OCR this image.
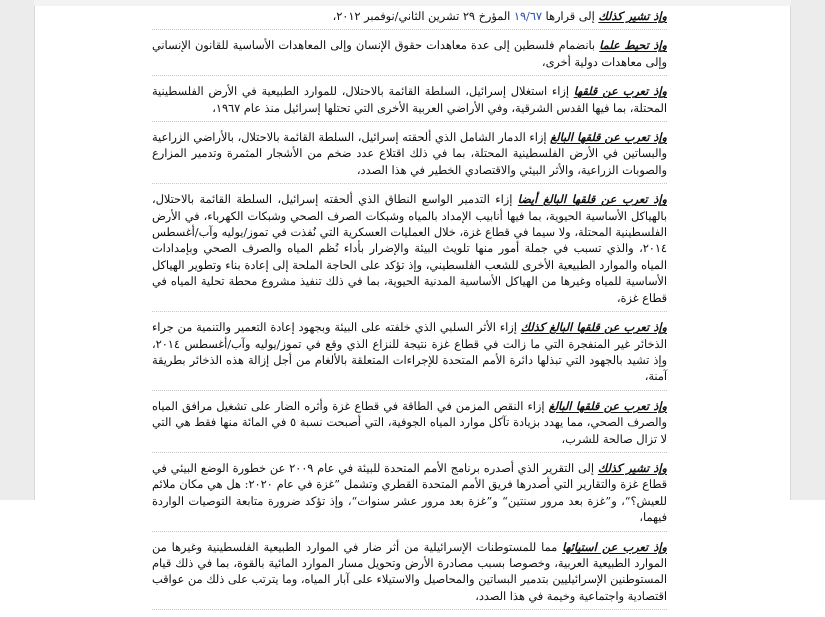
وإذ تشير كذلك إلى قرارها ١٩/٦٧ المؤرخ ٢٩ تشرين الثاني/نوفمبر ٢٠١٢،

وإذ تحيط علما بانضمام فلسطين إلى عدة معاهدات حقوق الإنسان وإلى المعاهدات الأساسية للقانون الإنساني وإلى معاهدات دولية أخرى،

وإذ تعرب عن قلقها إزاء استغلال إسرائيل، السلطة القائمة بالاحتلال، للموارد الطبيعية في الأرض الفلسطينية المحتلة، بما فيها القدس الشرقية، وفي الأراضي العربية الأخرى التي تحتلها إسرائيل منذ عام ١٩٦٧،

وإذ تعرب عن قلقها البالغ إزاء الدمار الشامل الذي ألحقته إسرائيل، السلطة القائمة بالاحتلال، بالأراضي الزراعية والبساتين في الأرض الفلسطينية المحتلة، بما في ذلك اقتلاع عدد ضخم من الأشجار المثمرة وتدمير المزارع والصوبات الزراعية، والأثر البيئي والاقتصادي الخطير في هذا الصدد،

وإذ تعرب عن قلقها البالغ أيضا إزاء التدمير الواسع النطاق الذي ألحقته إسرائيل، السلطة القائمة بالاحتلال، بالهياكل الأساسية الحيوية، بما فيها أنابيب الإمداد بالمياه وشبكات الصرف الصحي وشبكات الكهرباء، في الأرض الفلسطينية المحتلة، ولا سيما في قطاع غزة، خلال العمليات العسكرية التي نُفذت في تموز/يوليه وآب/أغسطس ٢٠١٤، والذي تسبب في جملة أمور منها تلويث البيئة والإضرار بأداء نُظم المياه والصرف الصحي وبإمدادات المياه والموارد الطبيعية الأخرى للشعب الفلسطيني، وإذ تؤكد على الحاجة الملحة إلى إعادة بناء وتطوير الهياكل الأساسية للمياه وغيرها من الهياكل الأساسية المدنية الحيوية، بما في ذلك تنفيذ مشروع محطة تحلية المياه في قطاع غزة،

وإذ تعرب عن قلقها البالغ كذلك إزاء الأثر السلبي الذي خلفته على البيئة وبجهود إعادة التعمير والتنمية من جراء الذخائر غير المنفجرة التي ما زالت في قطاع غزة نتيجة للنزاع الذي وقع في تموز/يوليه وآب/أغسطس ٢٠١٤، وإذ تشيد بالجهود التي تبذلها دائرة الأمم المتحدة للإجراءات المتعلقة بالألغام من أجل إزالة هذه الذخائر بطريقة آمنة،

وإذ تعرب عن قلقها البالغ إزاء النقص المزمن في الطاقة في قطاع غزة وأثره الضار على تشغيل مرافق المياه والصرف الصحي، مما يهدد بزيادة تآكل موارد المياه الجوفية، التي أصبحت نسبة ٥ في المائة منها فقط هي التي لا تزال صالحة للشرب،

وإذ تشير كذلك إلى التقرير الذي أصدره برنامج الأمم المتحدة للبيئة في عام ٢٠٠٩ عن خطورة الوضع البيئي في قطاع غزة والتقارير التي أصدرها فريق الأمم المتحدة القطري وتشمل ”غزة في عام ٢٠٢٠: هل هي مكان ملائم للعيش؟“، و”غزة بعد مرور سنتين“ و”غزة بعد مرور عشر سنوات“، وإذ تؤكد ضرورة متابعة التوصيات الواردة فيهما،

وإذ تعرب عن استيائها مما للمستوطنات الإسرائيلية من أثر ضار في الموارد الطبيعية الفلسطينية وغيرها من الموارد الطبيعية العربية، وخصوصا بسبب مصادرة الأرض وتحويل مسار الموارد المائية بالقوة، بما في ذلك قيام المستوطنين الإسرائيليين بتدمير البساتين والمحاصيل والاستيلاء على آبار المياه، وما يترتب على ذلك من عواقب اقتصادية واجتماعية وخيمة في هذا الصدد،
